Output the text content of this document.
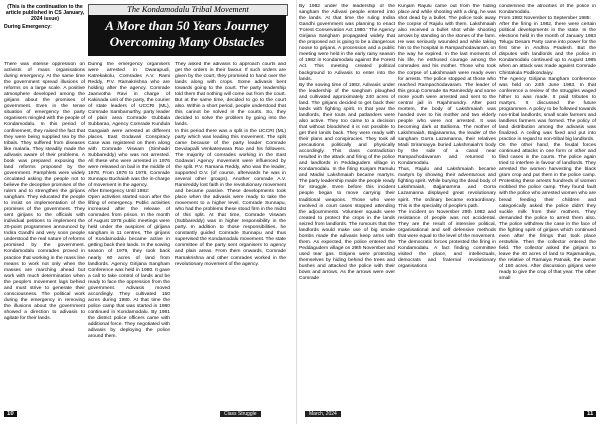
(This is the continuation to the article published in CS January, 2024 issue)
During Emergency:

There was intense oppression on activists of mass organisations during emergency. At the same time the government spread illusions of reforms on a large scale. A positive atmosphere developed among the girijans about the promises of government. Even in the tense situation of emergency the party organisers mingled with the people of Kondamodalu. In this period of confinement, they raised the fact that they were being supplied tea by the tribals. They suffered from diseases like malaria. They steadily made the adivasis aware of their problems. A book was prepared exposing the land reforms proposed by the government. Pamphlets were widely circulated asking the people not to believe the deceptive promises of the rulers and to strengthen the girijans sangham. They educated the people to insist on implementation of the promises of the government. They sent girijans to the officials with individual petitions to implement the 20-point programmes announced by Indira Gandhi and very soon people understood the real nature of reforms promised by the government. Kondamodalu comrades proved in practice that working in the mass line means to work not only when the masses are marching ahead but work with much determination when the people's movement lags behind and must strive to generate their consciousness. The political work during the emergency in removing the illusions about the government showed a direction to adivasis to agitate for their lands.

The Kondamodalu Tribal Movement
A More than 50 Years Journey Overcoming Many Obstacles

During the emergency organisers were arrested in Dwarapudi, Katrekakolu, Comrades A.V. Rami Reddy, P.V. Ramakrishna who are holding after the agency. Comrade Jaanvotha Ravi in charge of Kakinada unit of the party, the courier of state leaders of UCCRI (ML), Comrade Sambamurthy, party leader of plain area Comrade Gubbala Subbarao, Agency Comrade Kundula Gangaiah were arrested at different places. East Godavari Conspiracy Case was registered on them along with Comrade Viswam (Simhadri Subbareddy) who was not arrested. All these who were arrested in 1976 were released on bail in the middle of 1978. From 1976 to 1978, Comrade Sunnapu Buchaiah was the in-charge of movement in the agency.
After Emergency Until 1982:
Open activities started soon after the lifting of emergency. Public activities increased after the release of comrades from prison. In the month of August 1978 public meetings were held under the auspices of girijana sangham in 11 centres. The girijans of Kondamodalu became active in getting back their lands. In the sowing season of 1979, they took back nearly 60 acres of land from landlords. Agency Girijana Sangham Conference was held in 1980. It gave a call to take control of lands and be ready to face the oppression from the government. Adivasis moved accordingly. They cultivated 150 acres during 1980. At that time the police camp that was started in 1980 continued in Kondamodalu. By 1981 the district police officers came with additional force. They negotiated with adivasis by deploying the police around them.

They asked the adivasis to approach courts and get the orders in their favour. If such orders are given by the court, they promised to hand over the lands along with crops. Some adivasis bent towards going to the court. The party leadership told them that nothing will come out from the court. But at the same time, decided to go to the court also. Within a short period, people understood that this cannot be solved in the courts. So, they decided to solve the problem by going into the lands.
In this period there was a split in the UCCRI (ML) party which was leading this movement. The split came because of the party leader Comrade Devulapalli Venkateswara Rao and his followers. The majority of comrades working in the East Godavari Agency movement were influenced by the split. P.V. Ramana Reddy, who was the leader, supported D.V. (of course, afterwards he was in several other groups). Another comrade A.V. Ramireddy lost faith in the revolutionary movement and became passive. These developments took place when the adivasis were ready to take the movement to a higher level. Comrade Sunnapu, who had the problems these stood firm in the midst of this split. At that time, Comrade Viswam (Subbareddy) was in higher responsibility in the party. In addition to those responsibilities, he constantly guided Comrade Sunnapu and thus supervised the Kondamodalu movement. The state committee of the party sent organisers to agency and plain areas. From them onwards, Comrade Ramakrishna and other comrades worked in the revolutionary movement of the agency.

By 1982 under the leadership of the sangham the Adivasi people entered into the lands. At that time the ruling Indira Gandhi government was planning to enact 'Forest Conservation Act 1980.' The Agency Girijana Sangham propagated widely that the proposed act is going to be a dangerous noose to girijans. A procession and a public meeting were held in the early rainy season of 1982 in Kondamodalu against the Forest Act. This meeting created political background to Adivasis to enter into the lands.
By the sowing time of 1982, Adivasis under the leadership of the sangham ploughed and cultivated approximately 240 acres of land. The girijans decided to get back their lands with fighting spirit. In that year the landlords, their touts and patlanders were also active. They too came to a decision that without bloodshed it is not possible to get their lands back. They were ready with their plans and conspiracies. They took all precautions politically and physically accordingly. This class contradiction resulted in the attack and firing of the police and landlords in Peddagudem village in Kondamodalu. In the firing Kunjam Ramulu and Madivi Lakshmaiah became martyrs. The party leadership made the people ready for struggle. Even before this incident people began to move carrying their traditional weapons. Those who were involved in court cases stopped attending the adjournments. Volunteer squads were created to protect the crops in the lands seized from landlords. The rumours that the landlords would make use of big smoke bombs made the adivasis keep arms with them. As expected, the police entered the Peddagudem village on 29th November and used tear gas. Girijans were protecting themselves by hiding behind the trees and bushes and attacked the police with their bows and arrows. As the arrows were over Comrade

Kunjam Rajulu came out from the hiding place and while shooting with a ding, he was shot dead by a bullet. The police took away the corpse of Rajulu with them. Lakshmaiah also received a bullet shot while shooting arrows by standing on the stones of the farm. He was seriously wounded and while taking him to the hospital in Rampachodavaram, on the way he expired. In the last moments of his life, he enthused courage among the comrades and his mother. Those who took the corpse of Lakshmaiah were ready even for arrests. The police stopped at those who reached Rampachodavaram. The leader of this group Comrade Ita Ramireddy and some more youth were arrested and sent to the central jail in Rajahmundry. After post mortem, the body of Lakshmaiah was handed over to his mother and two elderly people who were not arrested. It was becoming dark at Ballioma. The mother of Lakshmaiah, Bajjanamma, the leader of the sangham Gorra Lazamanna, their relatives Madi Sriramayya buried Lakshmaiah's body by the side of a canal near Rampachodavaram and returned to Kondamodalu.
Thus, Rajulu and Lakshmaiah became martyrs by showing their adventurous and fighting spirit. While burying the dead body of Lakshmaiah, Bajjanamma and Gorra Lazamanna displayed great revolutionary spirit. The ordinary became extraordinary. This is the speciality of people's path.
The incident on November 29th 1982 and resistance of people was not accidental. They are the result of intensive political, organisational and self defensive methods that were equal to the level of the movement.
The democratic forces protested the firing in Kondamodalu. A fact finding committee visited the place, and intellectuals, democrats and fraternal revolutionary organisations

condemned the atrocities of the police in Kondamodalu.
From 1982 November to September 1985:
After the firing in 1982, there were certain political developments in the state. In the elections held in the month of January 1983 Telugu Desam Party came into power for the first time in Andhra Pradesh. But the disputes with landlords and the police in Kondamodalu continued up to August 1985 when an attack was made against Comrade Chintakula Podikondaiyy.
The Agency Girijana Sangham conference was held on 24th June 1983. In that conference a review of the struggles waged hither to was made. It paid tributes to martyrs. It discussed the future programmes. A policy to be followed towards non-tribal landlords, small scale farmers and landless farmers was formed. The policy of land distribution among the adivasis was finalized. A ceiling was fixed and put into practice in regard to non-tribal big landlords.
On the other hand, the feudal forces continued attacks in one form or other and filed cases in the courts. The police again tried to interfere in favour of landlords. They arrested the women harvesting the black gram crop and put them in the police camp. Protesting these arrests hundreds of women mobbed the police camp. They found fault with the police who arrested women who are bread feeding their children and categorically asked the police didn't they suckle milk from their mothers. They demanded the police to arrest them also. The police withdrew the case in the face of the fighting spirit of girijans which continued even after the firings that took place erstwhile. Then the collector entered the field. The collector asked the girijans to leave the 40 acres of land to Rajamanikya, the relative of Ramaiya Patnaik, the owner of 150 acres. After discussion girijans were ready to give the crop of that year. The other small

10	Class Struggle	March, 2024	11
